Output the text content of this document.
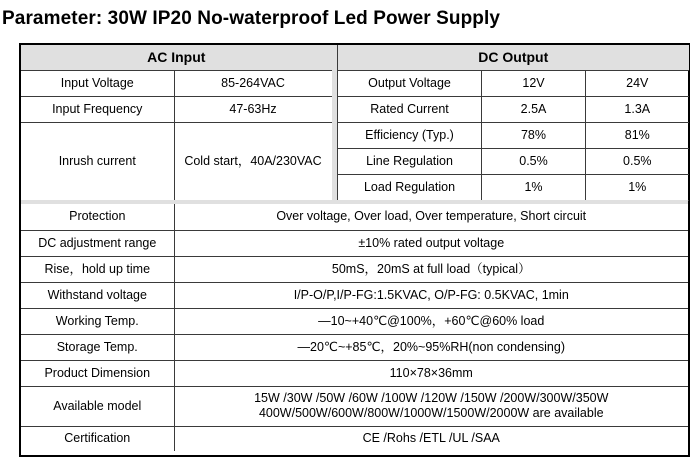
Parameter: 30W IP20 No-waterproof Led Power Supply
AC Input	
Input Voltage	85-264VAC
Input Frequency	47-63Hz
Inrush current	Cold start，40A/230VAC
DC Output		
Output Voltage	12V	24V
Rated Current	2.5A	1.3A
Efficiency (Typ.)	78%	81%
Line Regulation	0.5%	0.5%
Load Regulation	1%	1%
Protection	Over voltage, Over load, Over temperature, Short circuit
DC adjustment range	±10% rated output voltage
Rise，hold up time	50mS，20mS at full load（typical）
Withstand voltage	I/P-O/P,I/P-FG:1.5KVAC, O/P-FG: 0.5KVAC, 1min
Working Temp.	—10~+40℃@100%，+60℃@60% load
Storage Temp.	—20℃~+85℃，20%~95%RH(non condensing)
Product Dimension	110×78×36mm
Available model	15W /30W /50W /60W /100W /120W /150W /200W/300W/350W
400W/500W/600W/800W/1000W/1500W/2000W are available

Certification	CE /Rohs /ETL /UL /SAA
